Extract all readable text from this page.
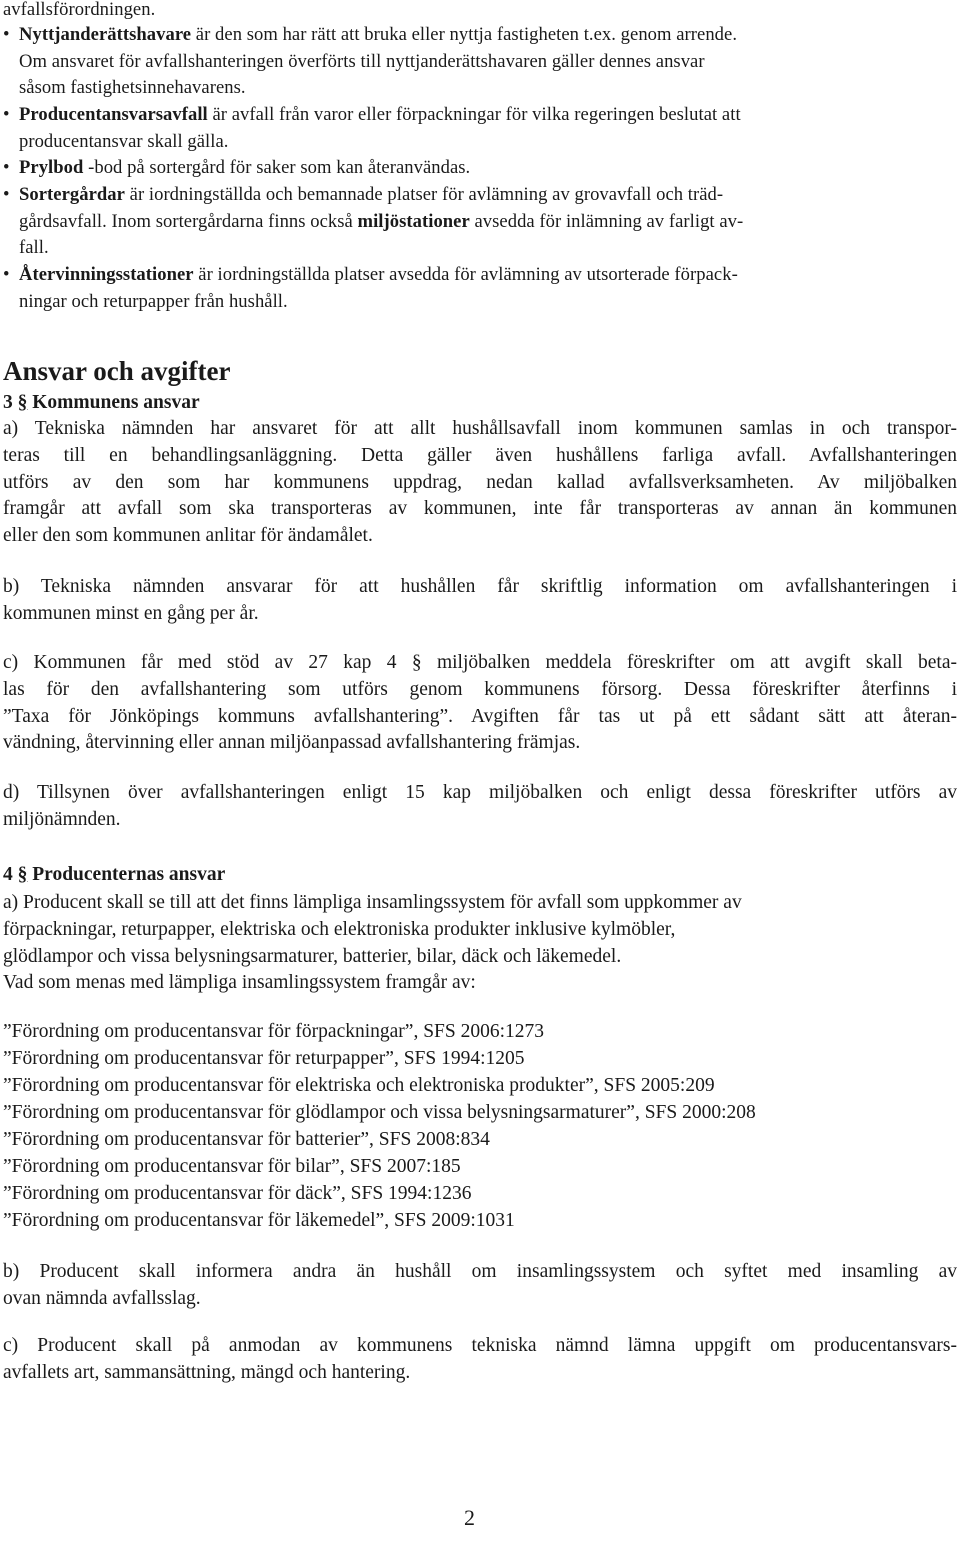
avfallsförordningen.
• Nyttjanderättshavare är den som har rätt att bruka eller nyttja fastigheten t.ex. genom arrende.
Om ansvaret för avfallshanteringen överförts till nyttjanderättshavaren gäller dennes ansvar
såsom fastighetsinnehavarens.
• Producentansvarsavfall är avfall från varor eller förpackningar för vilka regeringen beslutat att
producentansvar skall gälla.
• Prylbod -bod på sortergård för saker som kan återanvändas.
• Sortergårdar är iordningställda och bemannade platser för avlämning av grovavfall och träd-
gårdsavfall. Inom sortergårdarna finns också miljöstationer avsedda för inlämning av farligt av-
fall.
• Återvinningsstationer är iordningställda platser avsedda för avlämning av utsorterade förpack-
ningar och returpapper från hushåll.
Ansvar och avgifter
3 § Kommunens ansvar
a) Tekniska nämnden har ansvaret för att allt hushållsavfall inom kommunen samlas in och transpor-
teras till en behandlingsanläggning. Detta gäller även hushållens farliga avfall. Avfallshanteringen
utförs av den som har kommunens uppdrag, nedan kallad avfallsverksamheten. Av miljöbalken
framgår att avfall som ska transporteras av kommunen, inte får transporteras av annan än kommunen
eller den som kommunen anlitar för ändamålet.
b) Tekniska nämnden ansvarar för att hushållen får skriftlig information om avfallshanteringen i
kommunen minst en gång per år.
c) Kommunen får med stöd av 27 kap 4 § miljöbalken meddela föreskrifter om att avgift skall beta-
las för den avfallshantering som utförs genom kommunens försorg. Dessa föreskrifter återfinns i
”Taxa för Jönköpings kommuns avfallshantering”. Avgiften får tas ut på ett sådant sätt att återan-
vändning, återvinning eller annan miljöanpassad avfallshantering främjas.
d) Tillsynen över avfallshanteringen enligt 15 kap miljöbalken och enligt dessa föreskrifter utförs av
miljönämnden.
4 § Producenternas ansvar
a) Producent skall se till att det finns lämpliga insamlingssystem för avfall som uppkommer av
förpackningar, returpapper, elektriska och elektroniska produkter inklusive kylmöbler,
glödlampor och vissa belysningsarmaturer, batterier, bilar, däck och läkemedel.
Vad som menas med lämpliga insamlingssystem framgår av:
”Förordning om producentansvar för förpackningar”, SFS 2006:1273
”Förordning om producentansvar för returpapper”, SFS 1994:1205
”Förordning om producentansvar för elektriska och elektroniska produkter”, SFS 2005:209
”Förordning om producentansvar för glödlampor och vissa belysningsarmaturer”, SFS 2000:208
”Förordning om producentansvar för batterier”, SFS 2008:834
”Förordning om producentansvar för bilar”, SFS 2007:185
”Förordning om producentansvar för däck”, SFS 1994:1236
”Förordning om producentansvar för läkemedel”, SFS 2009:1031
b) Producent skall informera andra än hushåll om insamlingssystem och syftet med insamling av
ovan nämnda avfallsslag.
c) Producent skall på anmodan av kommunens tekniska nämnd lämna uppgift om producentansvars-
avfallets art, sammansättning, mängd och hantering.
2
